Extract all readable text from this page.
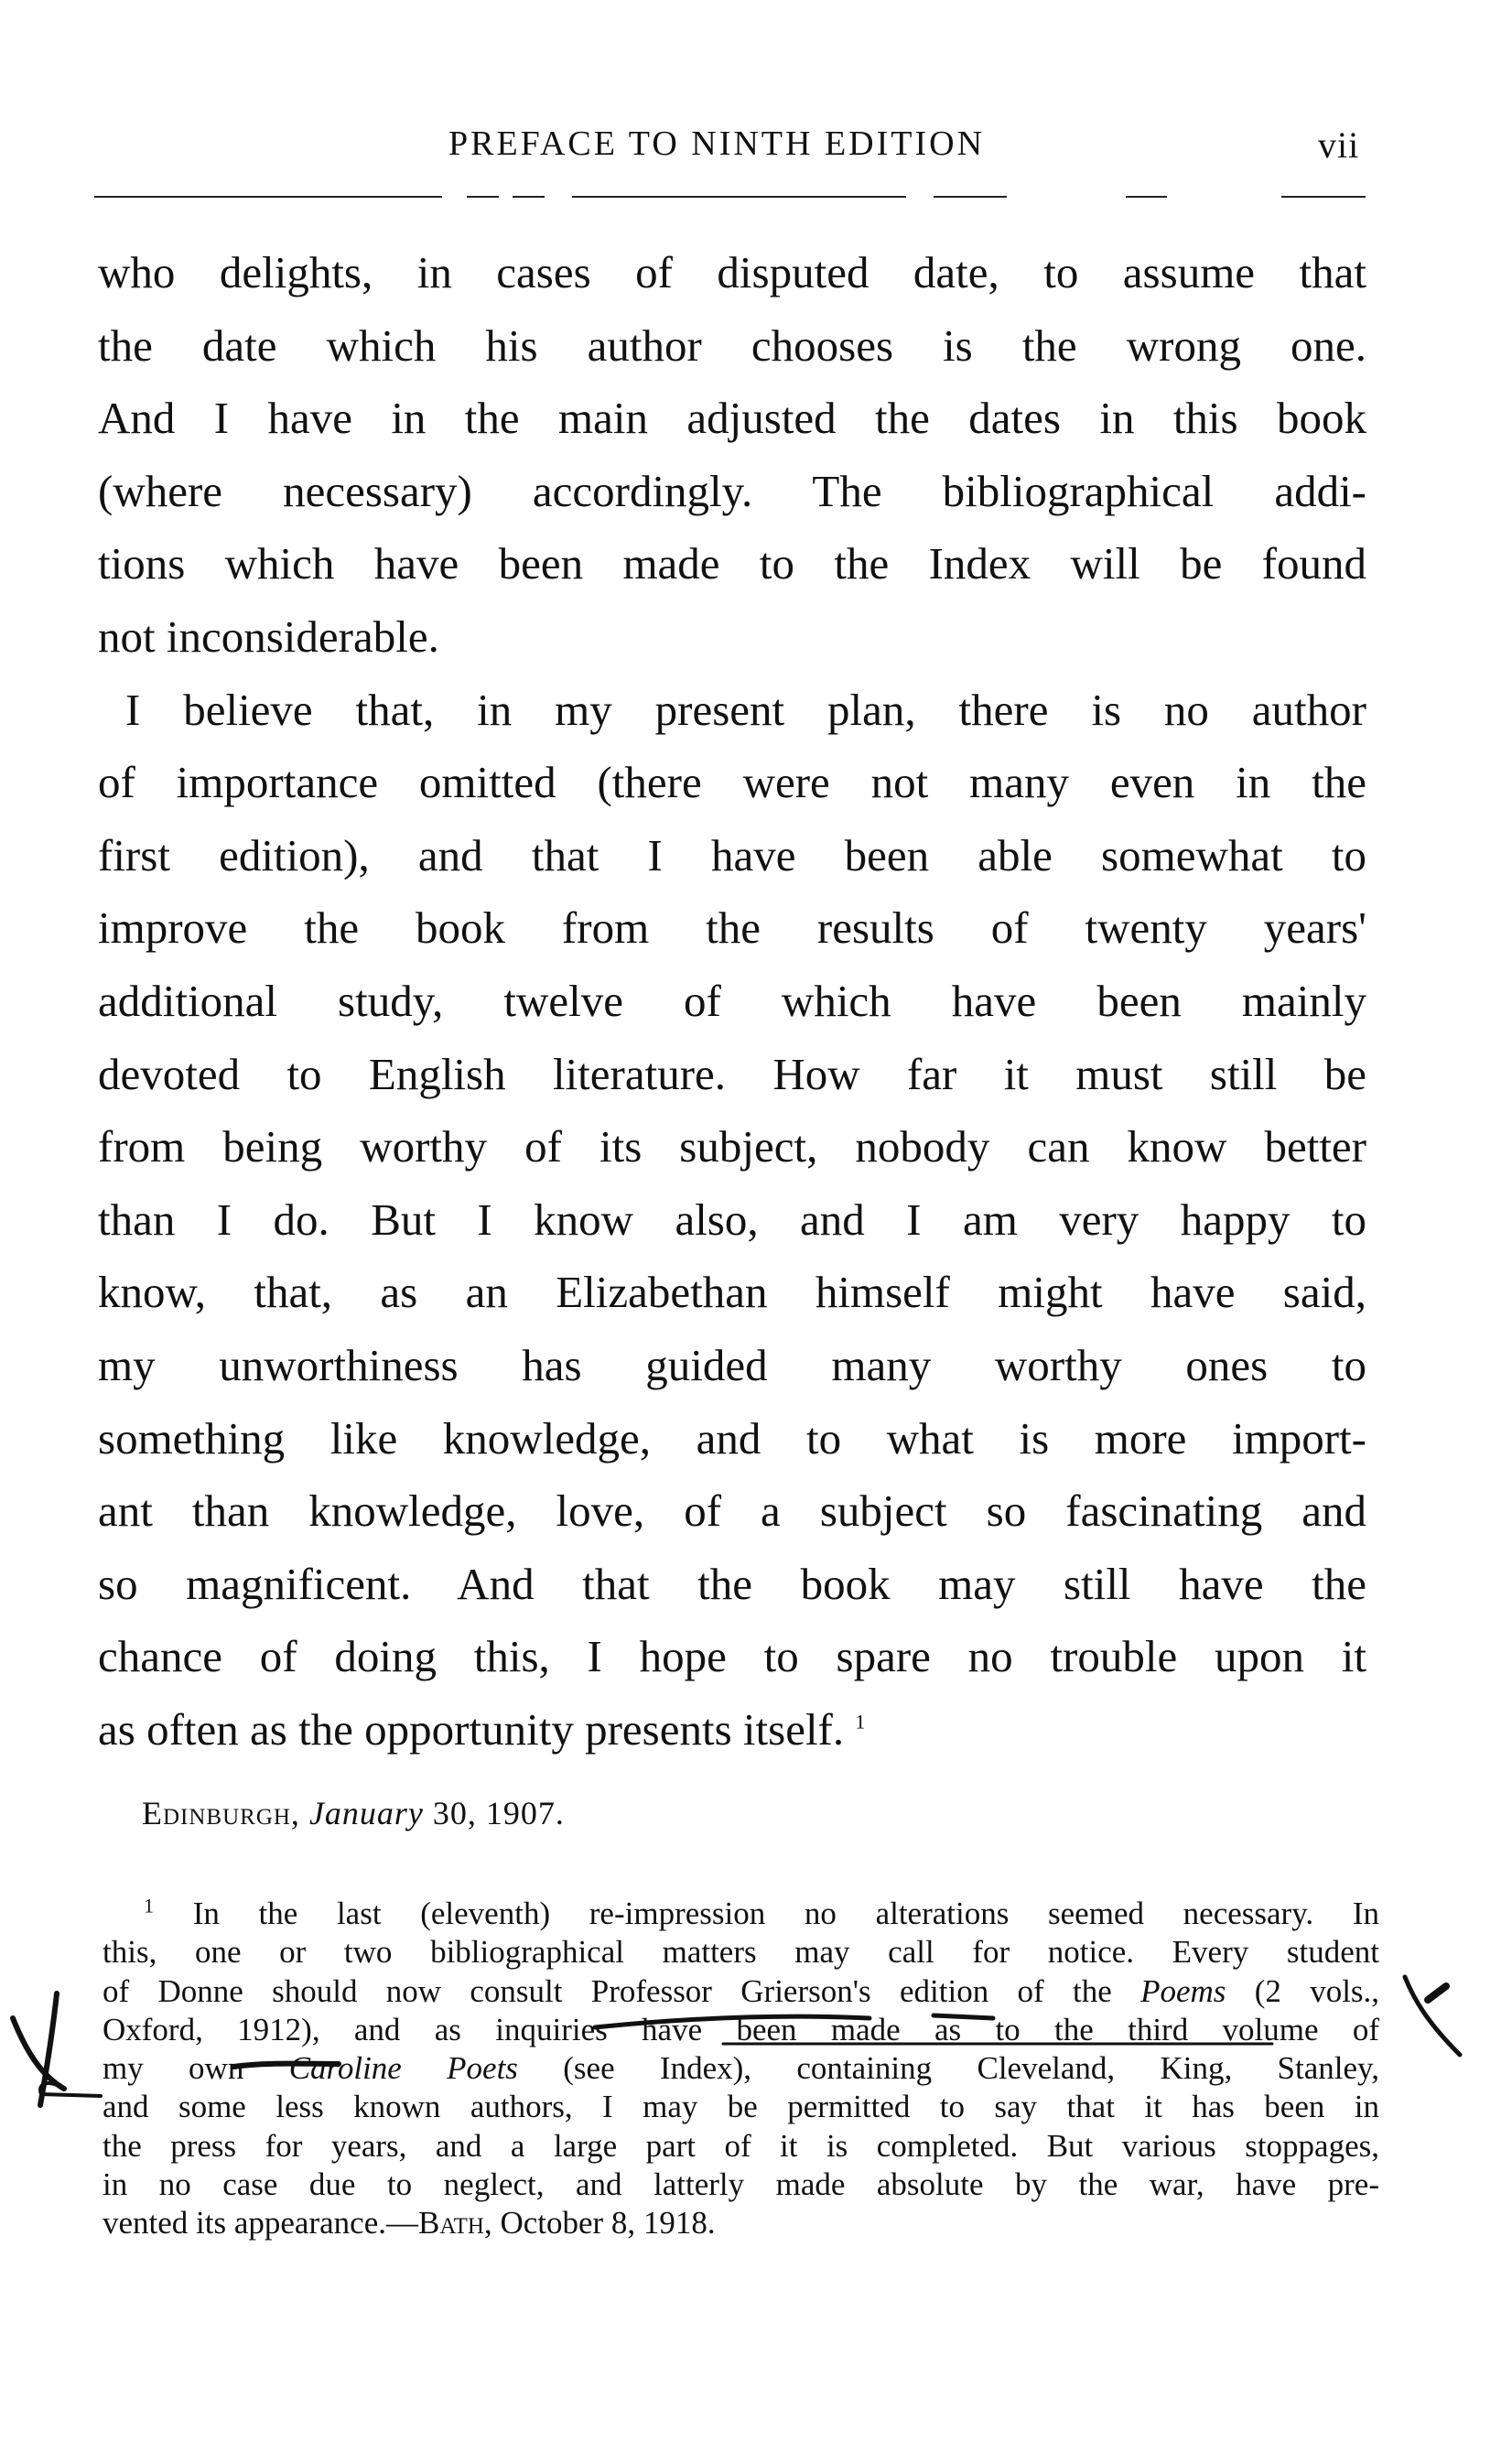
PREFACE TO NINTH EDITION	vii
who delights, in cases of disputed date, to assume that
the date which his author chooses is the wrong one.
And I have in the main adjusted the dates in this book
(where necessary) accordingly. The bibliographical addi-
tions which have been made to the Index will be found
not inconsiderable.
I believe that, in my present plan, there is no author
of importance omitted (there were not many even in the
first edition), and that I have been able somewhat to
improve the book from the results of twenty years'
additional study, twelve of which have been mainly
devoted to English literature. How far it must still be
from being worthy of its subject, nobody can know better
than I do. But I know also, and I am very happy to
know, that, as an Elizabethan himself might have said,
my unworthiness has guided many worthy ones to
something like knowledge, and to what is more import-
ant than knowledge, love, of a subject so fascinating and
so magnificent. And that the book may still have the
chance of doing this, I hope to spare no trouble upon it
as often as the opportunity presents itself. $^1$
Edinburgh, January 30, 1907.
$^1$ In the last (eleventh) re-impression no alterations seemed necessary. In
this, one or two bibliographical matters may call for notice. Every student
of Donne should now consult Professor Grierson's edition of the Poems (2 vols.,
Oxford, 1912), and as inquiries have been made as to the third volume of
my own Caroline Poets (see Index), containing Cleveland, King, Stanley,
and some less known authors, I may be permitted to say that it has been in
the press for years, and a large part of it is completed. But various stoppages,
in no case due to neglect, and latterly made absolute by the war, have pre-
vented its appearance.—Bath, October 8, 1918.
